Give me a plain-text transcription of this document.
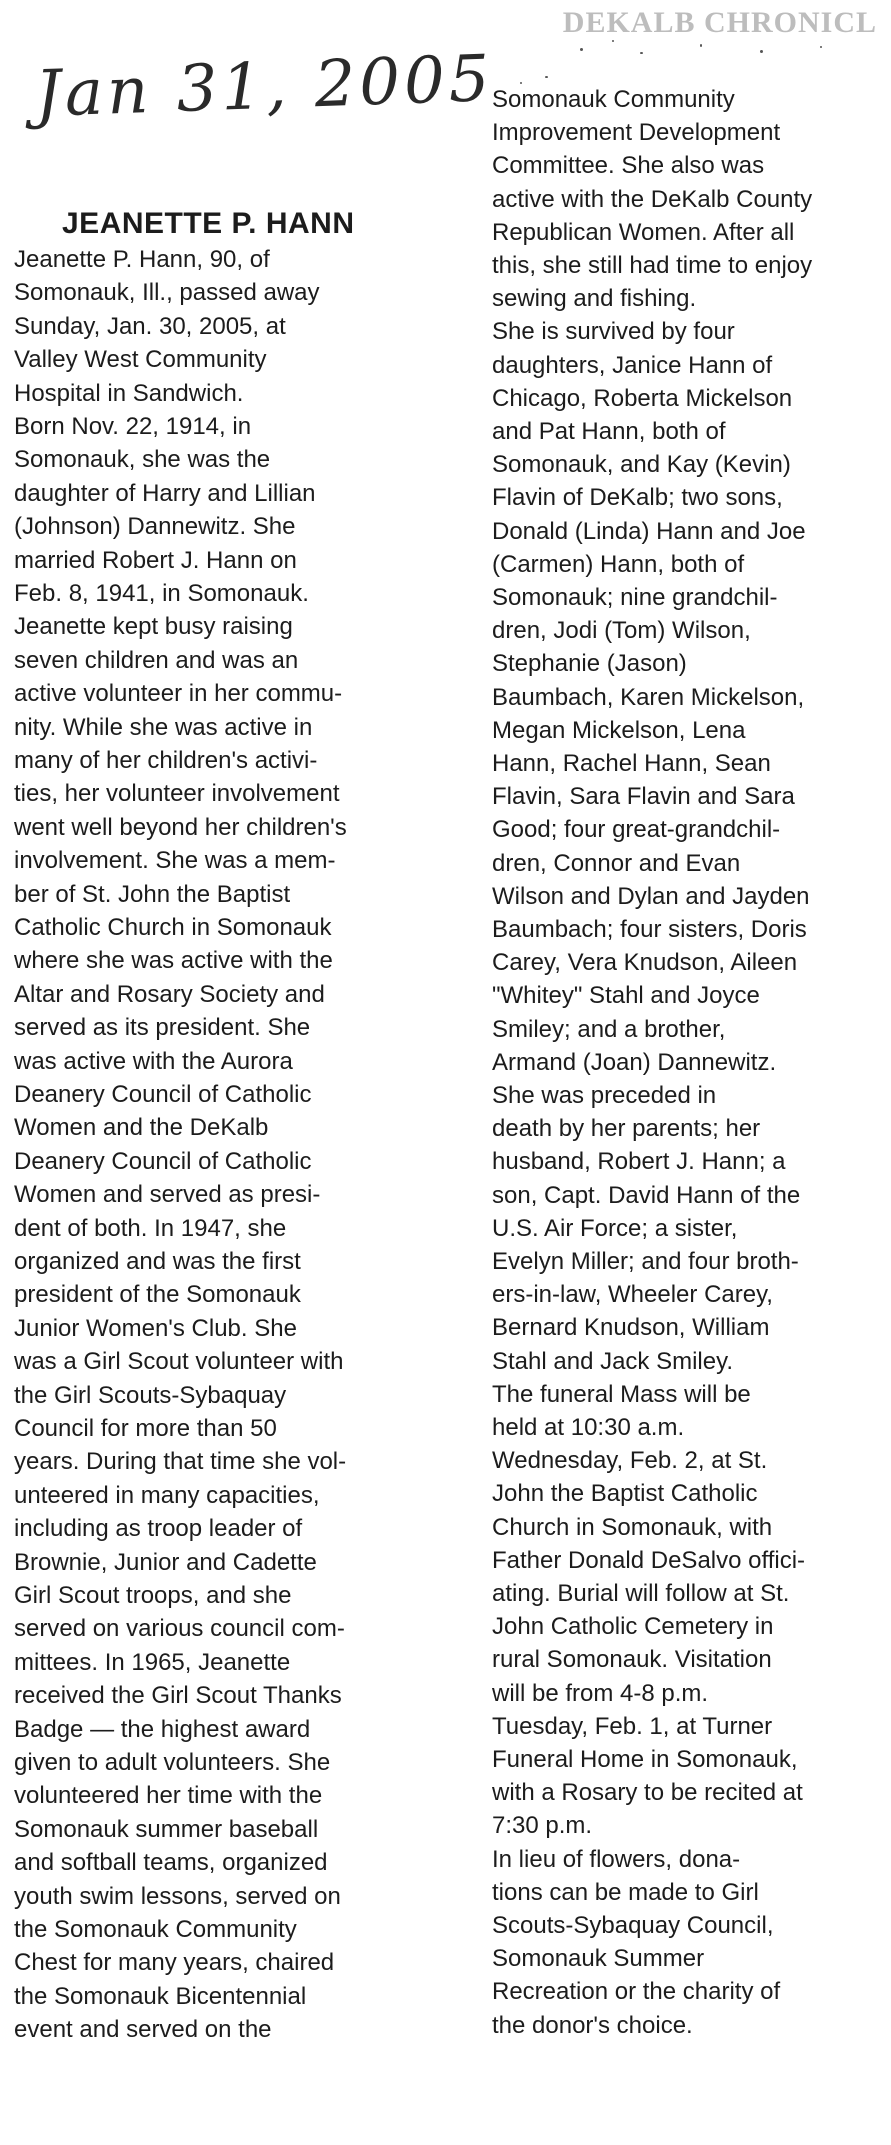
DEKALB CHRONICL
Jan 31, 2005
JEANETTE P. HANN
Jeanette P. Hann, 90, of
Somonauk, Ill., passed away
Sunday, Jan. 30, 2005, at
Valley West Community
Hospital in Sandwich.
Born Nov. 22, 1914, in
Somonauk, she was the
daughter of Harry and Lillian
(Johnson) Dannewitz. She
married Robert J. Hann on
Feb. 8, 1941, in Somonauk.
Jeanette kept busy raising
seven children and was an
active volunteer in her commu-
nity. While she was active in
many of her children's activi-
ties, her volunteer involvement
went well beyond her children's
involvement. She was a mem-
ber of St. John the Baptist
Catholic Church in Somonauk
where she was active with the
Altar and Rosary Society and
served as its president. She
was active with the Aurora
Deanery Council of Catholic
Women and the DeKalb
Deanery Council of Catholic
Women and served as presi-
dent of both. In 1947, she
organized and was the first
president of the Somonauk
Junior Women's Club. She
was a Girl Scout volunteer with
the Girl Scouts-Sybaquay
Council for more than 50
years. During that time she vol-
unteered in many capacities,
including as troop leader of
Brownie, Junior and Cadette
Girl Scout troops, and she
served on various council com-
mittees. In 1965, Jeanette
received the Girl Scout Thanks
Badge — the highest award
given to adult volunteers. She
volunteered her time with the
Somonauk summer baseball
and softball teams, organized
youth swim lessons, served on
the Somonauk Community
Chest for many years, chaired
the Somonauk Bicentennial
event and served on the
Somonauk Community
Improvement Development
Committee. She also was
active with the DeKalb County
Republican Women. After all
this, she still had time to enjoy
sewing and fishing.
She is survived by four
daughters, Janice Hann of
Chicago, Roberta Mickelson
and Pat Hann, both of
Somonauk, and Kay (Kevin)
Flavin of DeKalb; two sons,
Donald (Linda) Hann and Joe
(Carmen) Hann, both of
Somonauk; nine grandchil-
dren, Jodi (Tom) Wilson,
Stephanie (Jason)
Baumbach, Karen Mickelson,
Megan Mickelson, Lena
Hann, Rachel Hann, Sean
Flavin, Sara Flavin and Sara
Good; four great-grandchil-
dren, Connor and Evan
Wilson and Dylan and Jayden
Baumbach; four sisters, Doris
Carey, Vera Knudson, Aileen
"Whitey" Stahl and Joyce
Smiley; and a brother,
Armand (Joan) Dannewitz.
She was preceded in
death by her parents; her
husband, Robert J. Hann; a
son, Capt. David Hann of the
U.S. Air Force; a sister,
Evelyn Miller; and four broth-
ers-in-law, Wheeler Carey,
Bernard Knudson, William
Stahl and Jack Smiley.
The funeral Mass will be
held at 10:30 a.m.
Wednesday, Feb. 2, at St.
John the Baptist Catholic
Church in Somonauk, with
Father Donald DeSalvo offici-
ating. Burial will follow at St.
John Catholic Cemetery in
rural Somonauk. Visitation
will be from 4-8 p.m.
Tuesday, Feb. 1, at Turner
Funeral Home in Somonauk,
with a Rosary to be recited at
7:30 p.m.
In lieu of flowers, dona-
tions can be made to Girl
Scouts-Sybaquay Council,
Somonauk Summer
Recreation or the charity of
the donor's choice.
